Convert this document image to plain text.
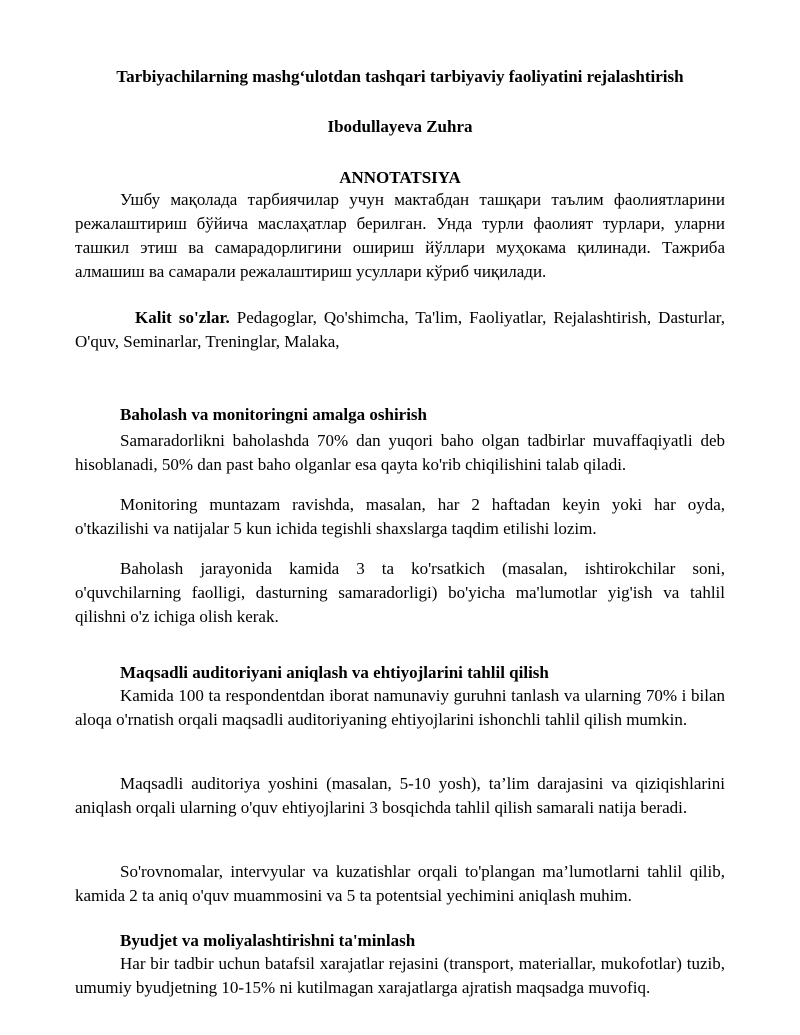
Tarbiyachilarning mashgʻulotdan tashqari tarbiyaviy faoliyatini rejalashtirish
Ibodullayeva Zuhra
ANNOTATSIYA
Ушбу мақолада тарбиячилар учун мактабдан ташқари таълим фаолиятларини режалаштириш бўйича маслаҳатлар берилган. Унда турли фаолият турлари, уларни ташкил этиш ва самарадорлигини ошириш йўллари муҳокама қилинади. Тажриба алмашиш ва самарали режалаштириш усуллари кўриб чиқилади.
Kalit so'zlar. Pedagoglar, Qo'shimcha, Ta'lim, Faoliyatlar, Rejalashtirish, Dasturlar, O'quv, Seminarlar, Treninglar, Malaka,
Baholash va monitoringni amalga oshirish
Samaradorlikni baholashda 70% dan yuqori baho olgan tadbirlar muvaffaqiyatli deb hisoblanadi, 50% dan past baho olganlar esa qayta ko'rib chiqilishini talab qiladi.
Monitoring muntazam ravishda, masalan, har 2 haftadan keyin yoki har oyda, o'tkazilishi va natijalar 5 kun ichida tegishli shaxslarga taqdim etilishi lozim.
Baholash jarayonida kamida 3 ta ko'rsatkich (masalan, ishtirokchilar soni, o'quvchilarning faolligi, dasturning samaradorligi) bo'yicha ma'lumotlar yig'ish va tahlil qilishni o'z ichiga olish kerak.
Maqsadli auditoriyani aniqlash va ehtiyojlarini tahlil qilish
Kamida 100 ta respondentdan iborat namunaviy guruhni tanlash va ularning 70% i bilan aloqa o'rnatish orqali maqsadli auditoriyaning ehtiyojlarini ishonchli tahlil qilish mumkin.
Maqsadli auditoriya yoshini (masalan, 5-10 yosh), ta’lim darajasini va qiziqishlarini aniqlash orqali ularning o'quv ehtiyojlarini 3 bosqichda tahlil qilish samarali natija beradi.
So'rovnomalar, intervyular va kuzatishlar orqali to'plangan ma’lumotlarni tahlil qilib, kamida 2 ta aniq o'quv muammosini va 5 ta potentsial yechimini aniqlash muhim.
Byudjet va moliyalashtirishni ta'minlash
Har bir tadbir uchun batafsil xarajatlar rejasini (transport, materiallar, mukofotlar) tuzib, umumiy byudjetning 10-15% ni kutilmagan xarajatlarga ajratish maqsadga muvofiq.
